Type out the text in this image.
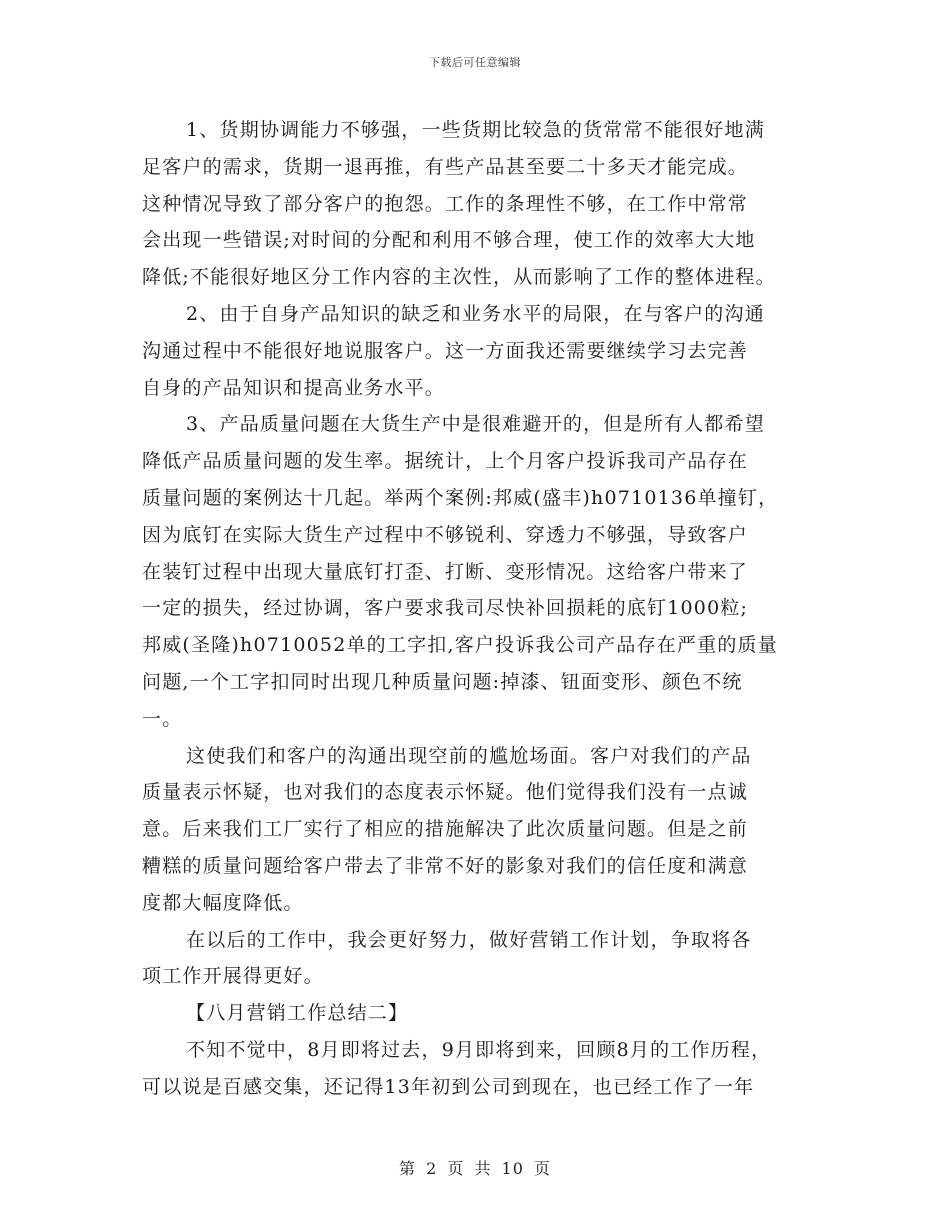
下载后可任意编辑
1、货期协调能力不够强，一些货期比较急的货常常不能很好地满
足客户的需求，货期一退再推，有些产品甚至要二十多天才能完成。
这种情况导致了部分客户的抱怨。工作的条理性不够，在工作中常常
会出现一些错误;对时间的分配和利用不够合理，使工作的效率大大地
降低;不能很好地区分工作内容的主次性，从而影响了工作的整体进程。
2、由于自身产品知识的缺乏和业务水平的局限，在与客户的沟通
沟通过程中不能很好地说服客户。这一方面我还需要继续学习去完善
自身的产品知识和提高业务水平。
3、产品质量问题在大货生产中是很难避开的，但是所有人都希望
降低产品质量问题的发生率。据统计，上个月客户投诉我司产品存在
质量问题的案例达十几起。举两个案例:邦威(盛丰)h0710136单撞钉，
因为底钉在实际大货生产过程中不够锐利、穿透力不够强，导致客户
在装钉过程中出现大量底钉打歪、打断、变形情况。这给客户带来了
一定的损失，经过协调，客户要求我司尽快补回损耗的底钉1000粒;
邦威(圣隆)h0710052单的工字扣,客户投诉我公司产品存在严重的质量
问题,一个工字扣同时出现几种质量问题:掉漆、钮面变形、颜色不统
一。
这使我们和客户的沟通出现空前的尴尬场面。客户对我们的产品
质量表示怀疑，也对我们的态度表示怀疑。他们觉得我们没有一点诚
意。后来我们工厂实行了相应的措施解决了此次质量问题。但是之前
糟糕的质量问题给客户带去了非常不好的影象对我们的信任度和满意
度都大幅度降低。
在以后的工作中，我会更好努力，做好营销工作计划，争取将各
项工作开展得更好。
【八月营销工作总结二】
不知不觉中，8月即将过去，9月即将到来，回顾8月的工作历程，
可以说是百感交集，还记得13年初到公司到现在，也已经工作了一年
第 2 页 共 10 页
